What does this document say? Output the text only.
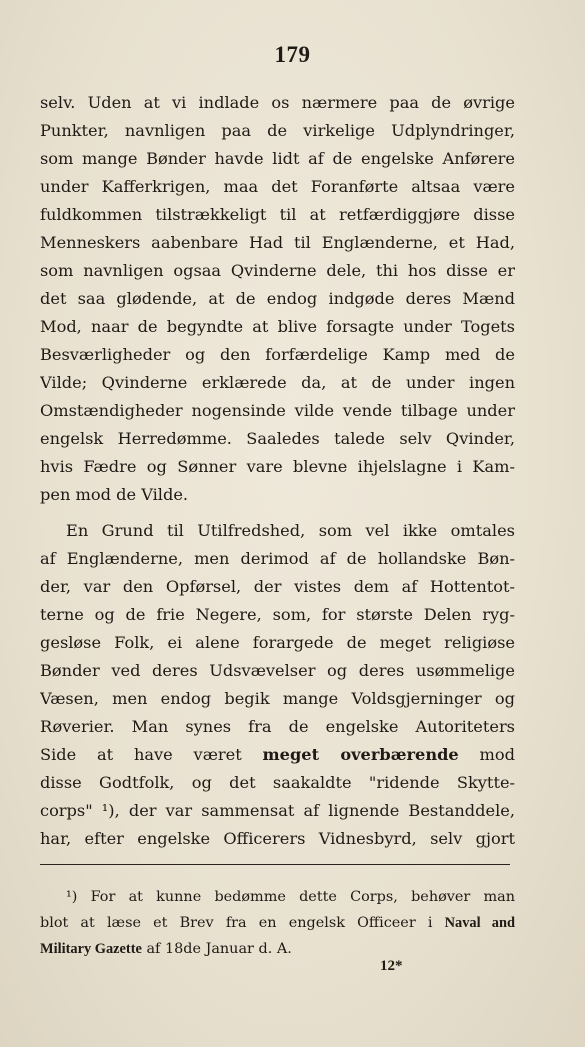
179
selv. Uden at vi indlade os nærmere paa de øvrige
Punkter, navnligen paa de virkelige Udplyndringer,
som mange Bønder havde lidt af de engelske Anførere
under Kafferkrigen, maa det Foranførte altsaa være
fuldkommen tilstrækkeligt til at retfærdiggjøre disse
Menneskers aabenbare Had til Englænderne, et Had,
som navnligen ogsaa Qvinderne dele, thi hos disse er
det saa glødende, at de endog indgøde deres Mænd
Mod, naar de begyndte at blive forsagte under Togets
Besværligheder og den forfærdelige Kamp med de
Vilde; Qvinderne erklærede da, at de under ingen
Omstændigheder nogensinde vilde vende tilbage under
engelsk Herredømme. Saaledes talede selv Qvinder,
hvis Fædre og Sønner vare blevne ihjelslagne i Kam-
pen mod de Vilde.
En Grund til Utilfredshed, som vel ikke omtales
af Englænderne, men derimod af de hollandske Bøn-
der, var den Opførsel, der vistes dem af Hottentot-
terne og de frie Negere, som, for største Delen ryg-
gesløse Folk, ei alene forargede de meget religiøse
Bønder ved deres Udsvævelser og deres usømmelige
Væsen, men endog begik mange Voldsgjerninger og
Røverier. Man synes fra de engelske Autoriteters
Side at have været meget overbærende mod
disse Godtfolk, og det saakaldte "ridende Skytte-
corps" ¹), der var sammensat af lignende Bestanddele,
har, efter engelske Officerers Vidnesbyrd, selv gjort
¹) For at kunne bedømme dette Corps, behøver man
blot at læse et Brev fra en engelsk Officeer i Naval and
Military Gazette af 18de Januar d. A.
12*
